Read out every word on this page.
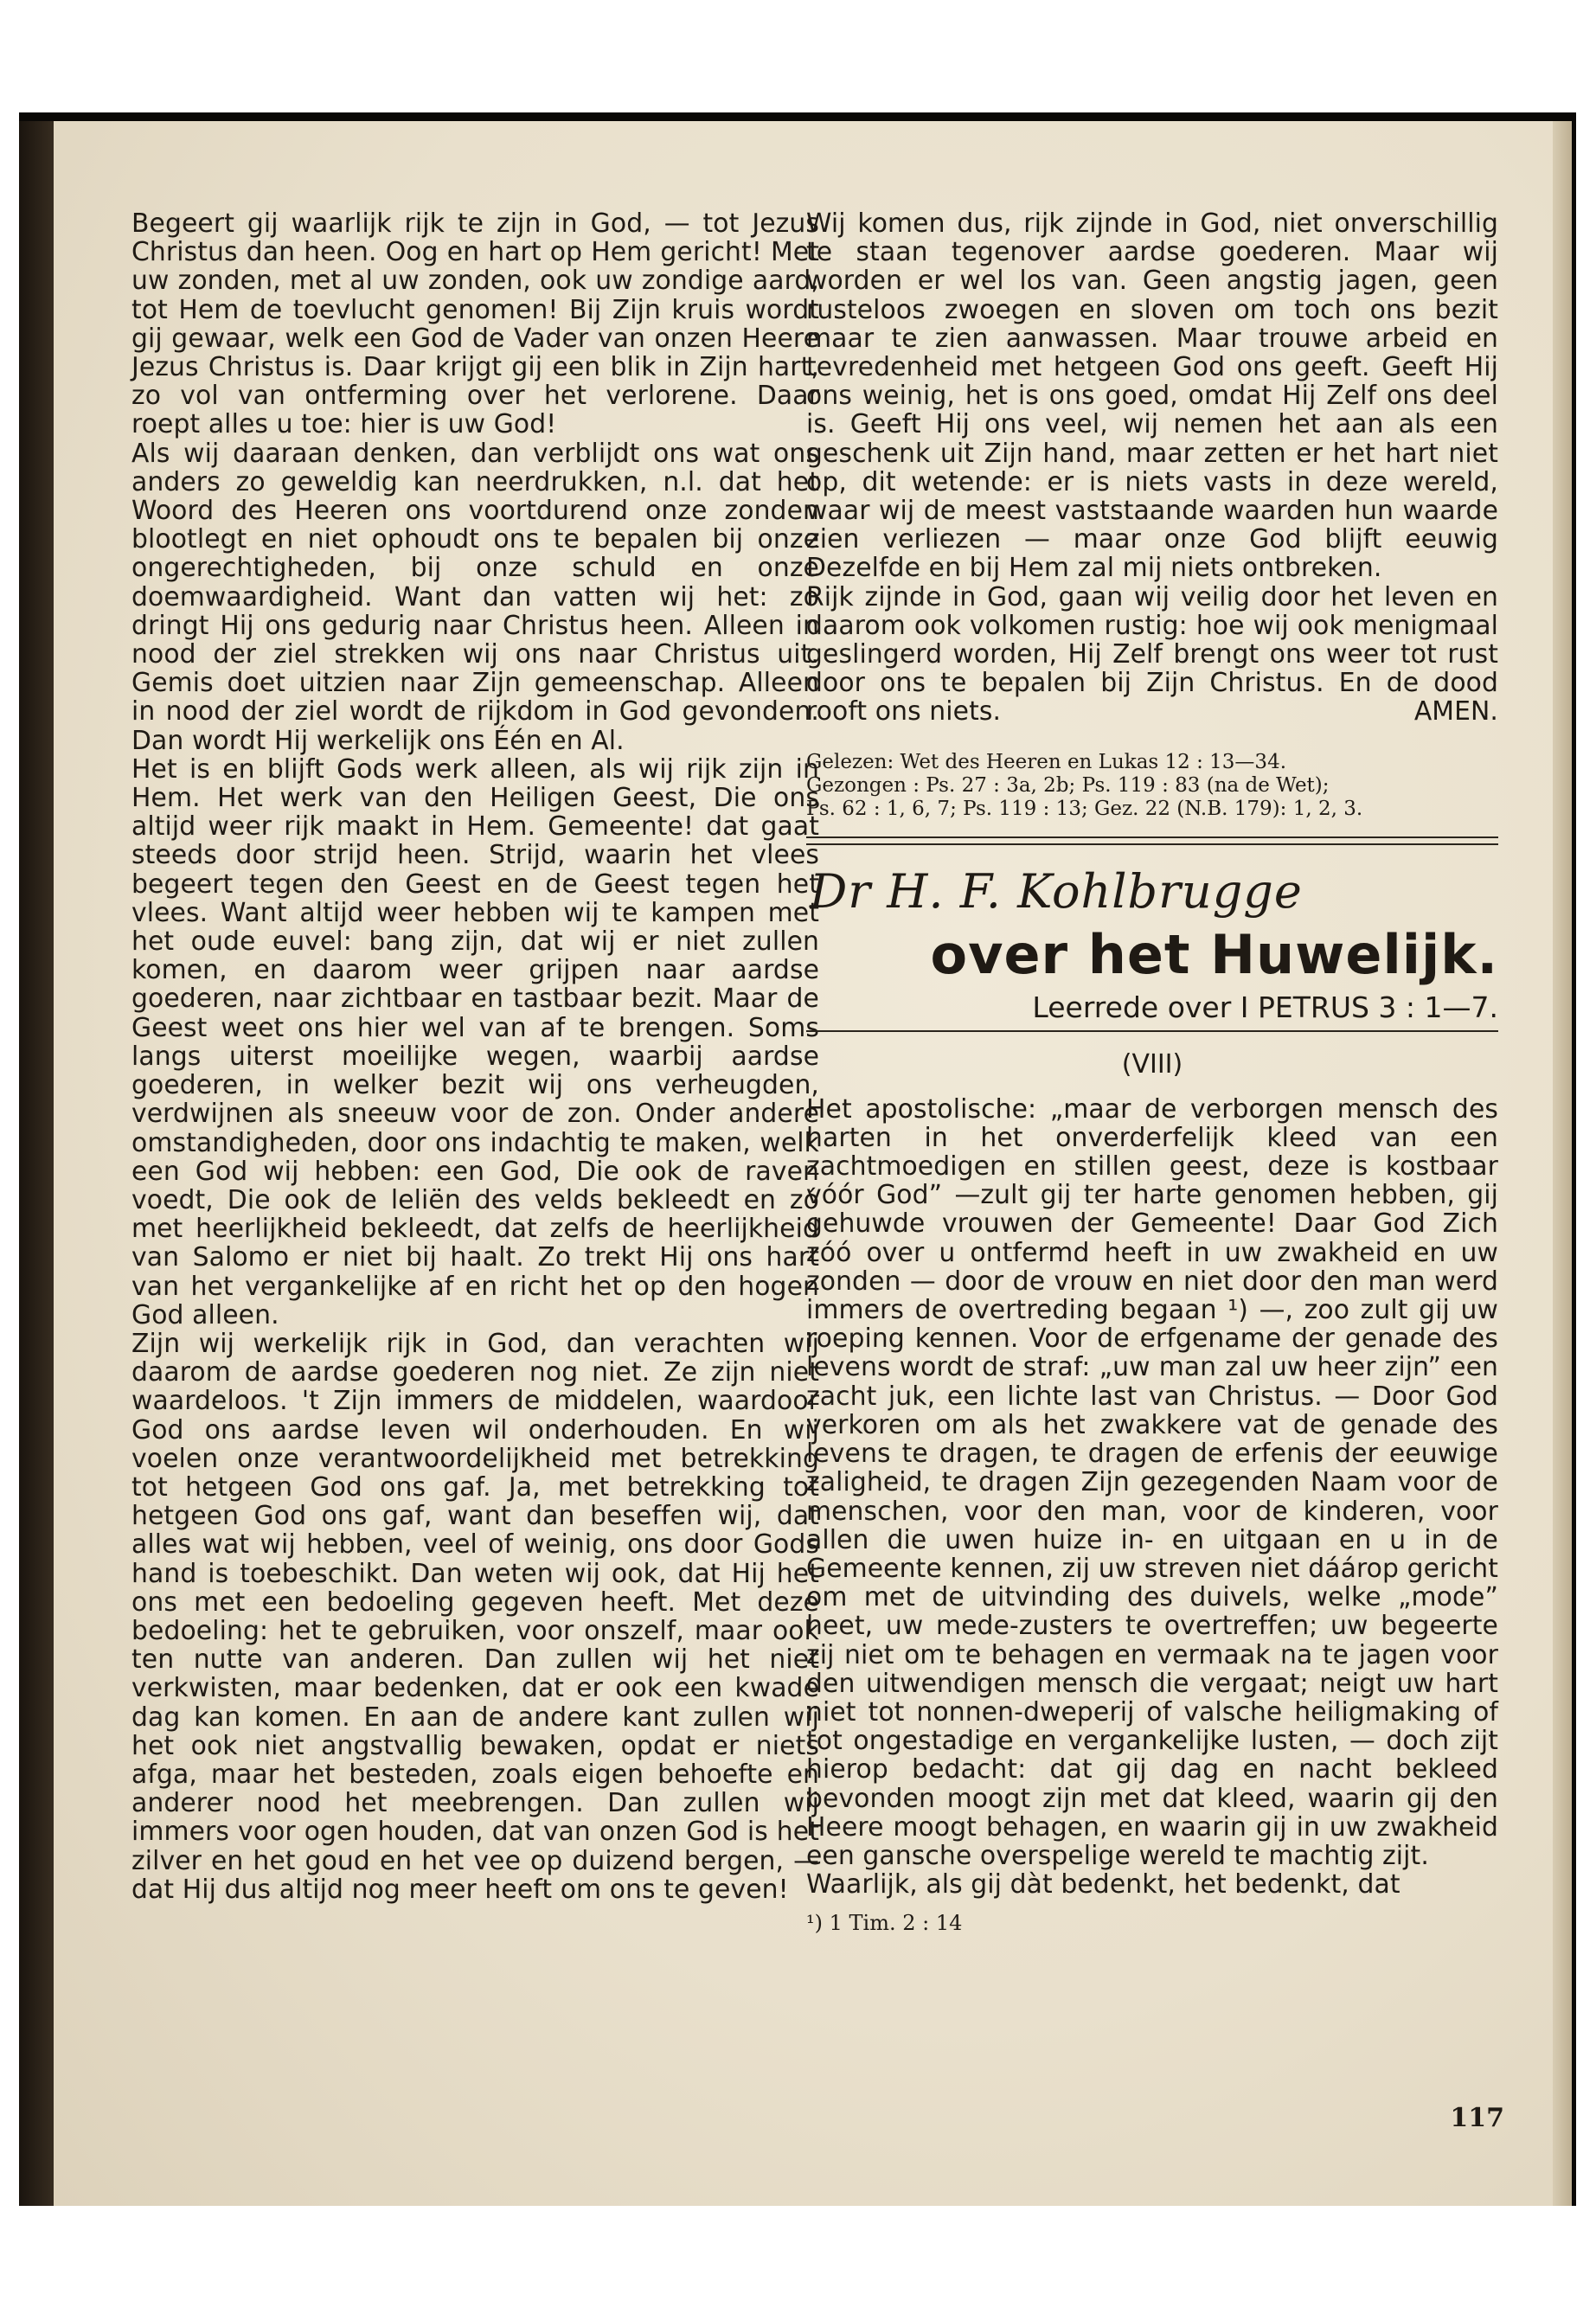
Begeert gij waarlijk rijk te zijn in God, — tot Jezus Christus dan heen. Oog en hart op Hem gericht! Met uw zonden, met al uw zonden, ook uw zondige aard, tot Hem de toevlucht genomen! Bij Zijn kruis wordt gij gewaar, welk een God de Vader van onzen Heere Jezus Christus is. Daar krijgt gij een blik in Zijn hart, zo vol van ontferming over het verlorene. Daar roept alles u toe: hier is uw God!

Als wij daaraan denken, dan verblijdt ons wat ons anders zo geweldig kan neerdrukken, n.l. dat het Woord des Heeren ons voortdurend onze zonden blootlegt en niet ophoudt ons te bepalen bij onze ongerechtigheden, bij onze schuld en onze doemwaardigheid. Want dan vatten wij het: zo dringt Hij ons gedurig naar Christus heen. Alleen in nood der ziel strekken wij ons naar Christus uit. Gemis doet uitzien naar Zijn gemeenschap. Alleen in nood der ziel wordt de rijkdom in God gevonden. Dan wordt Hij werkelijk ons Één en Al.

Het is en blijft Gods werk alleen, als wij rijk zijn in Hem. Het werk van den Heiligen Geest, Die ons altijd weer rijk maakt in Hem. Gemeente! dat gaat steeds door strijd heen. Strijd, waarin het vlees begeert tegen den Geest en de Geest tegen het vlees. Want altijd weer hebben wij te kampen met het oude euvel: bang zijn, dat wij er niet zullen komen, en daarom weer grijpen naar aardse goederen, naar zichtbaar en tastbaar bezit. Maar de Geest weet ons hier wel van af te brengen. Soms langs uiterst moeilijke wegen, waarbij aardse goederen, in welker bezit wij ons verheugden, verdwijnen als sneeuw voor de zon. Onder andere omstandigheden, door ons indachtig te maken, welk een God wij hebben: een God, Die ook de raven voedt, Die ook de leliën des velds bekleedt en zó met heerlijkheid bekleedt, dat zelfs de heerlijkheid van Salomo er niet bij haalt. Zo trekt Hij ons hart van het vergankelijke af en richt het op den hogen God alleen.

Zijn wij werkelijk rijk in God, dan verachten wij daarom de aardse goederen nog niet. Ze zijn niet waardeloos. 't Zijn immers de middelen, waardoor God ons aardse leven wil onderhouden. En wij voelen onze verantwoordelijkheid met betrekking tot hetgeen God ons gaf. Ja, met betrekking tot hetgeen God ons gaf, want dan beseffen wij, dat alles wat wij hebben, veel of weinig, ons door Gods hand is toebeschikt. Dan weten wij ook, dat Hij het ons met een bedoeling gegeven heeft. Met deze bedoeling: het te gebruiken, voor onszelf, maar ook ten nutte van anderen. Dan zullen wij het niet verkwisten, maar bedenken, dat er ook een kwade dag kan komen. En aan de andere kant zullen wij het ook niet angstvallig bewaken, opdat er niets afga, maar het besteden, zoals eigen behoefte en anderer nood het meebrengen. Dan zullen wij immers voor ogen houden, dat van onzen God is het zilver en het goud en het vee op duizend bergen, — dat Hij dus altijd nog meer heeft om ons te geven!

Wij komen dus, rijk zijnde in God, niet onverschillig te staan tegenover aardse goederen. Maar wij worden er wel los van. Geen angstig jagen, geen rusteloos zwoegen en sloven om toch ons bezit maar te zien aanwassen. Maar trouwe arbeid en tevredenheid met hetgeen God ons geeft. Geeft Hij ons weinig, het is ons goed, omdat Hij Zelf ons deel is. Geeft Hij ons veel, wij nemen het aan als een geschenk uit Zijn hand, maar zetten er het hart niet op, dit wetende: er is niets vasts in deze wereld, waar wij de meest vaststaande waarden hun waarde zien verliezen — maar onze God blijft eeuwig Dezelfde en bij Hem zal mij niets ontbreken.

Rijk zijnde in God, gaan wij veilig door het leven en daarom ook volkomen rustig: hoe wij ook menigmaal geslingerd worden, Hij Zelf brengt ons weer tot rust door ons te bepalen bij Zijn Christus. En de dood rooft ons niets.	AMEN.

Gelezen: Wet des Heeren en Lukas 12 : 13—34.
Gezongen : Ps. 27 : 3a, 2b; Ps. 119 : 83 (na de Wet);
Ps. 62 : 1, 6, 7; Ps. 119 : 13; Gez. 22 (N.B. 179): 1, 2, 3.
Dr H. F. Kohlbrugge
over het Huwelijk.
Leerrede over I PETRUS 3 : 1—7.
(VIII)

Het apostolische: „maar de verborgen mensch des harten in het onverderfelijk kleed van een zachtmoedigen en stillen geest, deze is kostbaar vóór God” —zult gij ter harte genomen hebben, gij gehuwde vrouwen der Gemeente! Daar God Zich zóó over u ontfermd heeft in uw zwakheid en uw zonden — door de vrouw en niet door den man werd immers de overtreding begaan ¹) —, zoo zult gij uw roeping kennen. Voor de erfgename der genade des levens wordt de straf: „uw man zal uw heer zijn” een zacht juk, een lichte last van Christus. — Door God verkoren om als het zwakkere vat de genade des levens te dragen, te dragen de erfenis der eeuwige zaligheid, te dragen Zijn gezegenden Naam voor de menschen, voor den man, voor de kinderen, voor allen die uwen huize in- en uitgaan en u in de Gemeente kennen, zij uw streven niet dáárop gericht om met de uitvinding des duivels, welke „mode” heet, uw mede-zusters te overtreffen; uw begeerte zij niet om te behagen en vermaak na te jagen voor den uitwendigen mensch die vergaat; neigt uw hart niet tot nonnen-dweperij of valsche heiligmaking of tot ongestadige en vergankelijke lusten, — doch zijt hierop bedacht: dat gij dag en nacht bekleed bevonden moogt zijn met dat kleed, waarin gij den Heere moogt behagen, en waarin gij in uw zwakheid een gansche overspelige wereld te machtig zijt.

Waarlijk, als gij dàt bedenkt, het bedenkt, dat

¹) 1 Tim. 2 : 14
117
